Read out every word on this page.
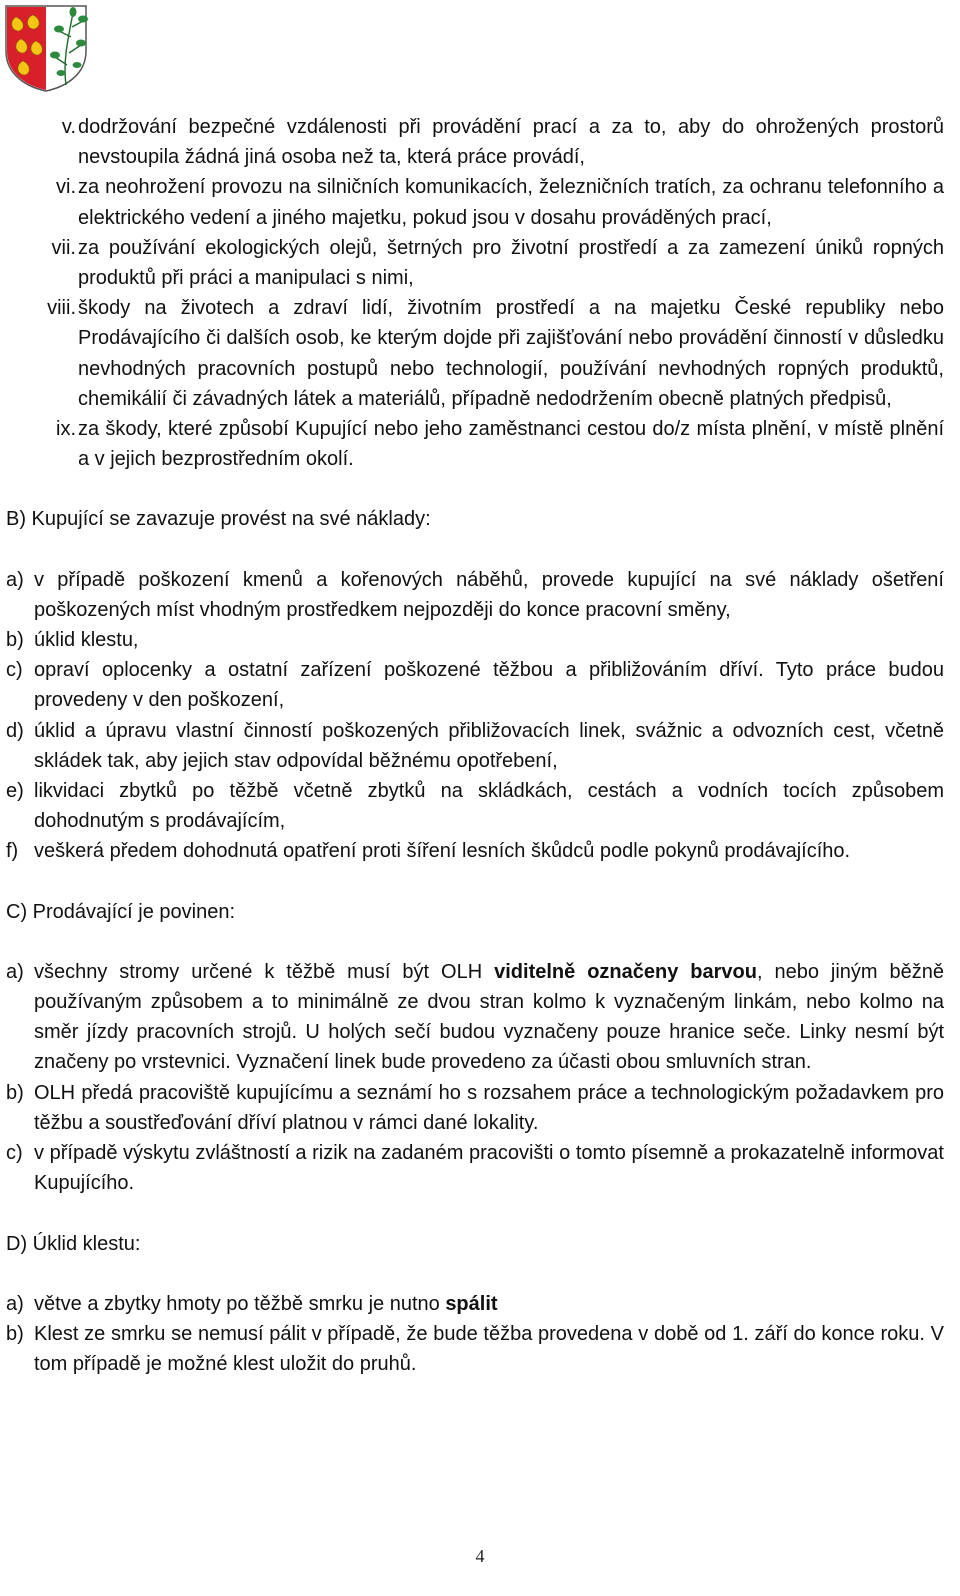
v. dodržování bezpečné vzdálenosti při provádění prací a za to, aby do ohrožených prostorů nevstoupila žádná jiná osoba než ta, která práce provádí,
vi. za neohrožení provozu na silničních komunikacích, železničních tratích, za ochranu telefonního a elektrického vedení a jiného majetku, pokud jsou v dosahu prováděných prací,
vii. za používání ekologických olejů, šetrných pro životní prostředí a za zamezení úniků ropných produktů při práci a manipulaci s nimi,
viii. škody na životech a zdraví lidí, životním prostředí a na majetku České republiky nebo Prodávajícího či dalších osob, ke kterým dojde při zajišťování nebo provádění činností v důsledku nevhodných pracovních postupů nebo technologií, používání nevhodných ropných produktů, chemikálií či závadných látek a materiálů, případně nedodržením obecně platných předpisů,
ix. za škody, které způsobí Kupující nebo jeho zaměstnanci cestou do/z místa plnění, v místě plnění a v jejich bezprostředním okolí.
B) Kupující se zavazuje provést na své náklady:
a) v případě poškození kmenů a kořenových náběhů, provede kupující na své náklady ošetření poškozených míst vhodným prostředkem nejpozději do konce pracovní směny,
b) úklid klestu,
c) opraví oplocenky a ostatní zařízení poškozené těžbou a přibližováním dříví. Tyto práce budou provedeny v den poškození,
d) úklid a úpravu vlastní činností poškozených přibližovacích linek, svážnic a odvozních cest, včetně skládek tak, aby jejich stav odpovídal běžnému opotřebení,
e) likvidaci zbytků po těžbě včetně zbytků na skládkách, cestách a vodních tocích způsobem dohodnutým s prodávajícím,
f) veškerá předem dohodnutá opatření proti šíření lesních škůdců podle pokynů prodávajícího.
C) Prodávající je povinen:
a) všechny stromy určené k těžbě musí být OLH viditelně označeny barvou, nebo jiným běžně používaným způsobem a to minimálně ze dvou stran kolmo k vyznačeným linkám, nebo kolmo na směr jízdy pracovních strojů. U holých sečí budou vyznačeny pouze hranice seče. Linky nesmí být značeny po vrstevnici. Vyznačení linek bude provedeno za účasti obou smluvních stran.
b) OLH předá pracoviště kupujícímu a seznámí ho s rozsahem práce a technologickým požadavkem pro těžbu a soustřeďování dříví platnou v rámci dané lokality.
c) v případě výskytu zvláštností a rizik na zadaném pracovišti o tomto písemně a prokazatelně informovat Kupujícího.
D) Úklid klestu:
a) větve a zbytky hmoty po těžbě smrku je nutno spálit
b) Klest ze smrku se nemusí pálit v případě, že bude těžba provedena v době od 1. září do konce roku. V tom případě je možné klest uložit do pruhů.
4
